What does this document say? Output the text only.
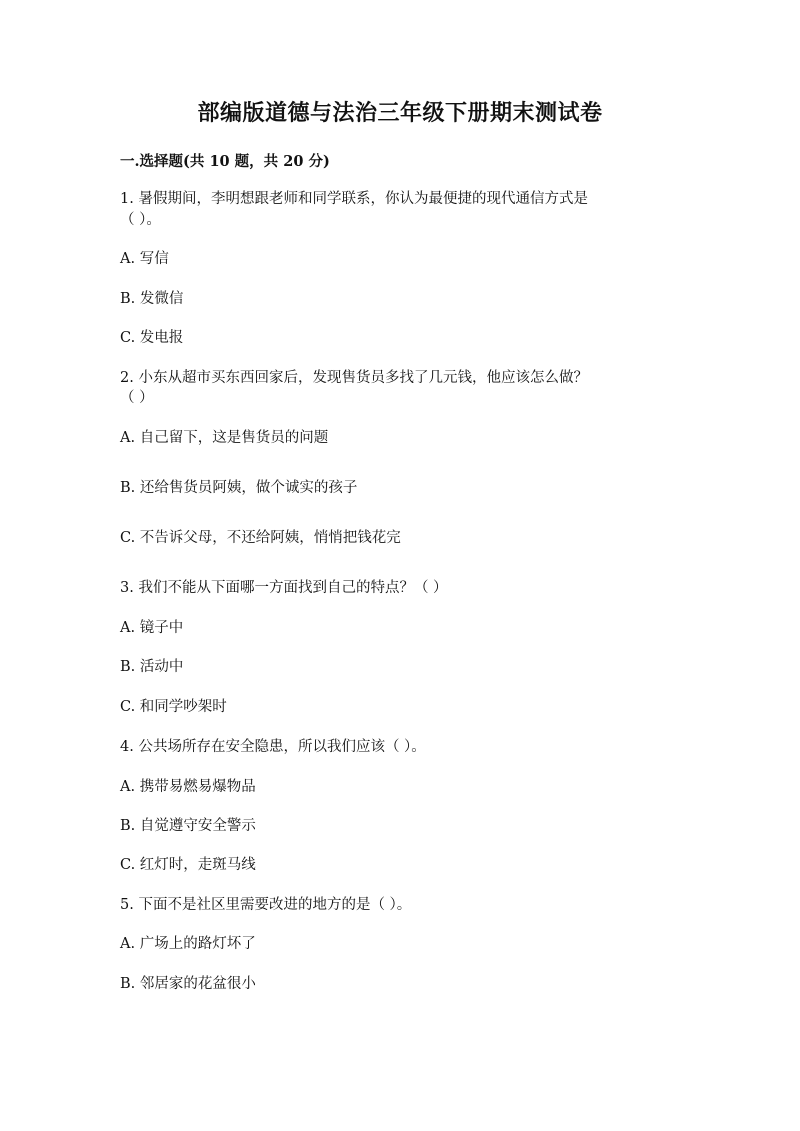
部编版道德与法治三年级下册期末测试卷
一.选择题(共 10 题，共 20 分)
1. 暑假期间，李明想跟老师和同学联系，你认为最便捷的现代通信方式是
（ ）。
A. 写信
B. 发微信
C. 发电报
2. 小东从超市买东西回家后，发现售货员多找了几元钱，他应该怎么做？
（ ）
A. 自己留下，这是售货员的问题
B. 还给售货员阿姨，做个诚实的孩子
C. 不告诉父母，不还给阿姨，悄悄把钱花完
3. 我们不能从下面哪一方面找到自己的特点？（ ）
A. 镜子中
B. 活动中
C. 和同学吵架时
4. 公共场所存在安全隐患，所以我们应该（ ）。
A. 携带易燃易爆物品
B. 自觉遵守安全警示
C. 红灯时，走斑马线
5. 下面不是社区里需要改进的地方的是（ ）。
A. 广场上的路灯坏了
B. 邻居家的花盆很小
